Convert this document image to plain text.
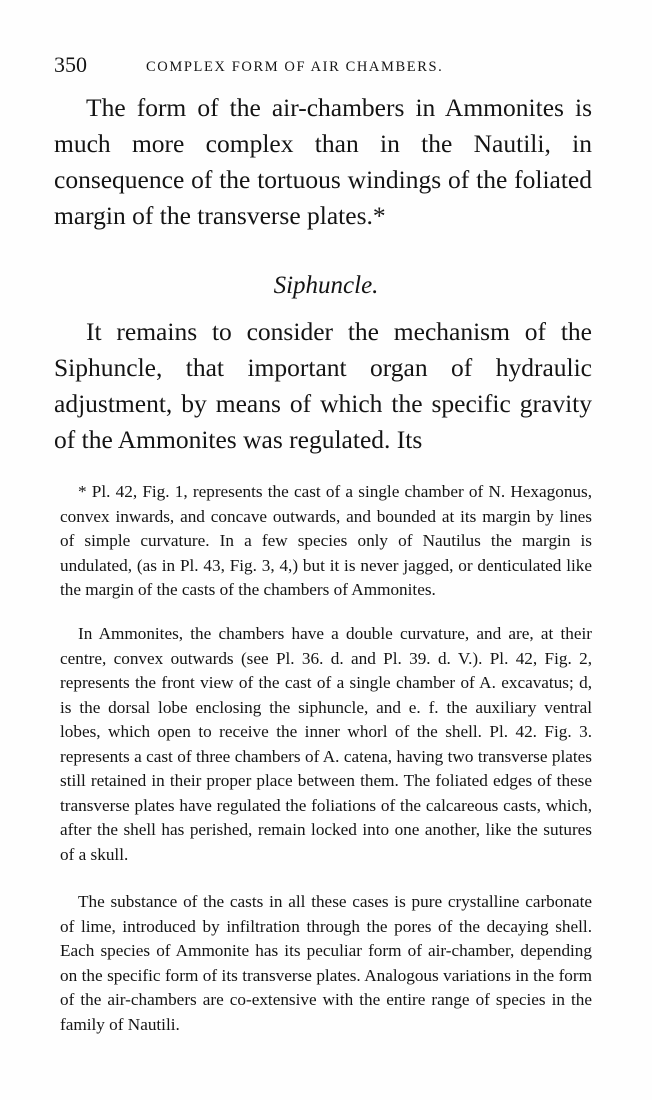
350	COMPLEX FORM OF AIR CHAMBERS.

The form of the air-chambers in Ammonites is much more complex than in the Nautili, in consequence of the tortuous windings of the foliated margin of the transverse plates.*

Siphuncle.

It remains to consider the mechanism of the Siphuncle, that important organ of hydraulic adjustment, by means of which the specific gravity of the Ammonites was regulated. Its

* Pl. 42, Fig. 1, represents the cast of a single chamber of N. Hexagonus, convex inwards, and concave outwards, and bounded at its margin by lines of simple curvature. In a few species only of Nautilus the margin is undulated, (as in Pl. 43, Fig. 3, 4,) but it is never jagged, or denticulated like the margin of the casts of the chambers of Ammonites.

In Ammonites, the chambers have a double curvature, and are, at their centre, convex outwards (see Pl. 36. d. and Pl. 39. d. V.). Pl. 42, Fig. 2, represents the front view of the cast of a single chamber of A. excavatus; d, is the dorsal lobe enclosing the siphuncle, and e. f. the auxiliary ventral lobes, which open to receive the inner whorl of the shell. Pl. 42. Fig. 3. represents a cast of three chambers of A. catena, having two transverse plates still retained in their proper place between them. The foliated edges of these transverse plates have regulated the foliations of the calcareous casts, which, after the shell has perished, remain locked into one another, like the sutures of a skull.

The substance of the casts in all these cases is pure crystalline carbonate of lime, introduced by infiltration through the pores of the decaying shell. Each species of Ammonite has its peculiar form of air-chamber, depending on the specific form of its transverse plates. Analogous variations in the form of the air-chambers are co-extensive with the entire range of species in the family of Nautili.
